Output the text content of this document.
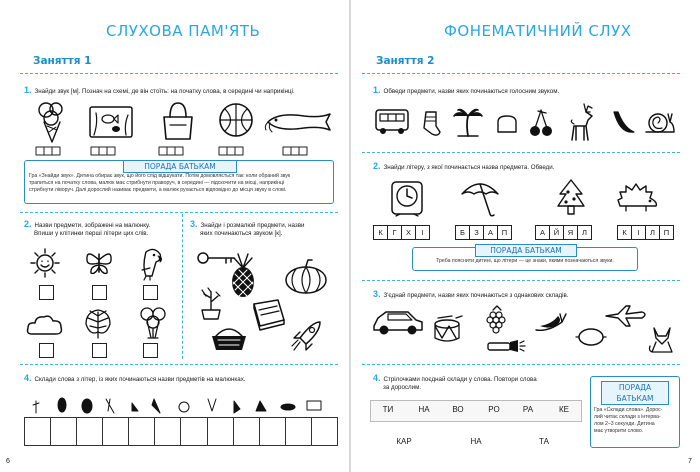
СЛУХОВА ПАМ'ЯТЬ
Заняття 1
1. Знайди звук [м]. Познач на схемі, де він стоїть: на початку слова, в середині чи наприкінці.
ПОРАДА БАТЬКАМ
Гра «Знайди звук». Дитина обирає звук, що його слід відшукати. Потім домовляється так: коли обраний звук
трапиться на початку слова, малюк має стрибнути праворуч, в середині — підскочити на місці, наприкінці
стрибнути ліворуч. Далі дорослий називає предмети, а малюк рухається відповідно до місця звуку в слові.
2. Назви предмети, зображені на малюнку.
Впиши у клітинки перші літери цих слів.
3. Знайди і розмалюй предмети, назви
яких починаються звуком [к].
4. Склади слова з літер, із яких починаються назви предметів на малюнках.
6
ФОНЕМАТИЧНИЙ СЛУХ
Заняття 2
1. Обведи предмети, назви яких починаються голосним звуком.
2. Знайди літеру, з якої починається назва предмета. Обведи.
К	Г	Х	І	Б	З	А	П	А	Й	Я	Л	К	І	Л	П
ПОРАДА БАТЬКАМ
Треба пояснити дитині, що літери — це знаки, якими позначаються звуки.
3. З'єднай предмети, назви яких починаються з однакових складів.
4. Стрілочками поєднай склади у слова. Повтори слова
за дорослим.
ТИ	НА	ВО	РО	РА	КЕ
КАР	НА	ТА
ПОРАДА БАТЬКАМ
Гра «Склади слова». Дорос-
лий читає склади з інтерва-
лом 2–3 секунди. Дитина
має утворити слово.
7
